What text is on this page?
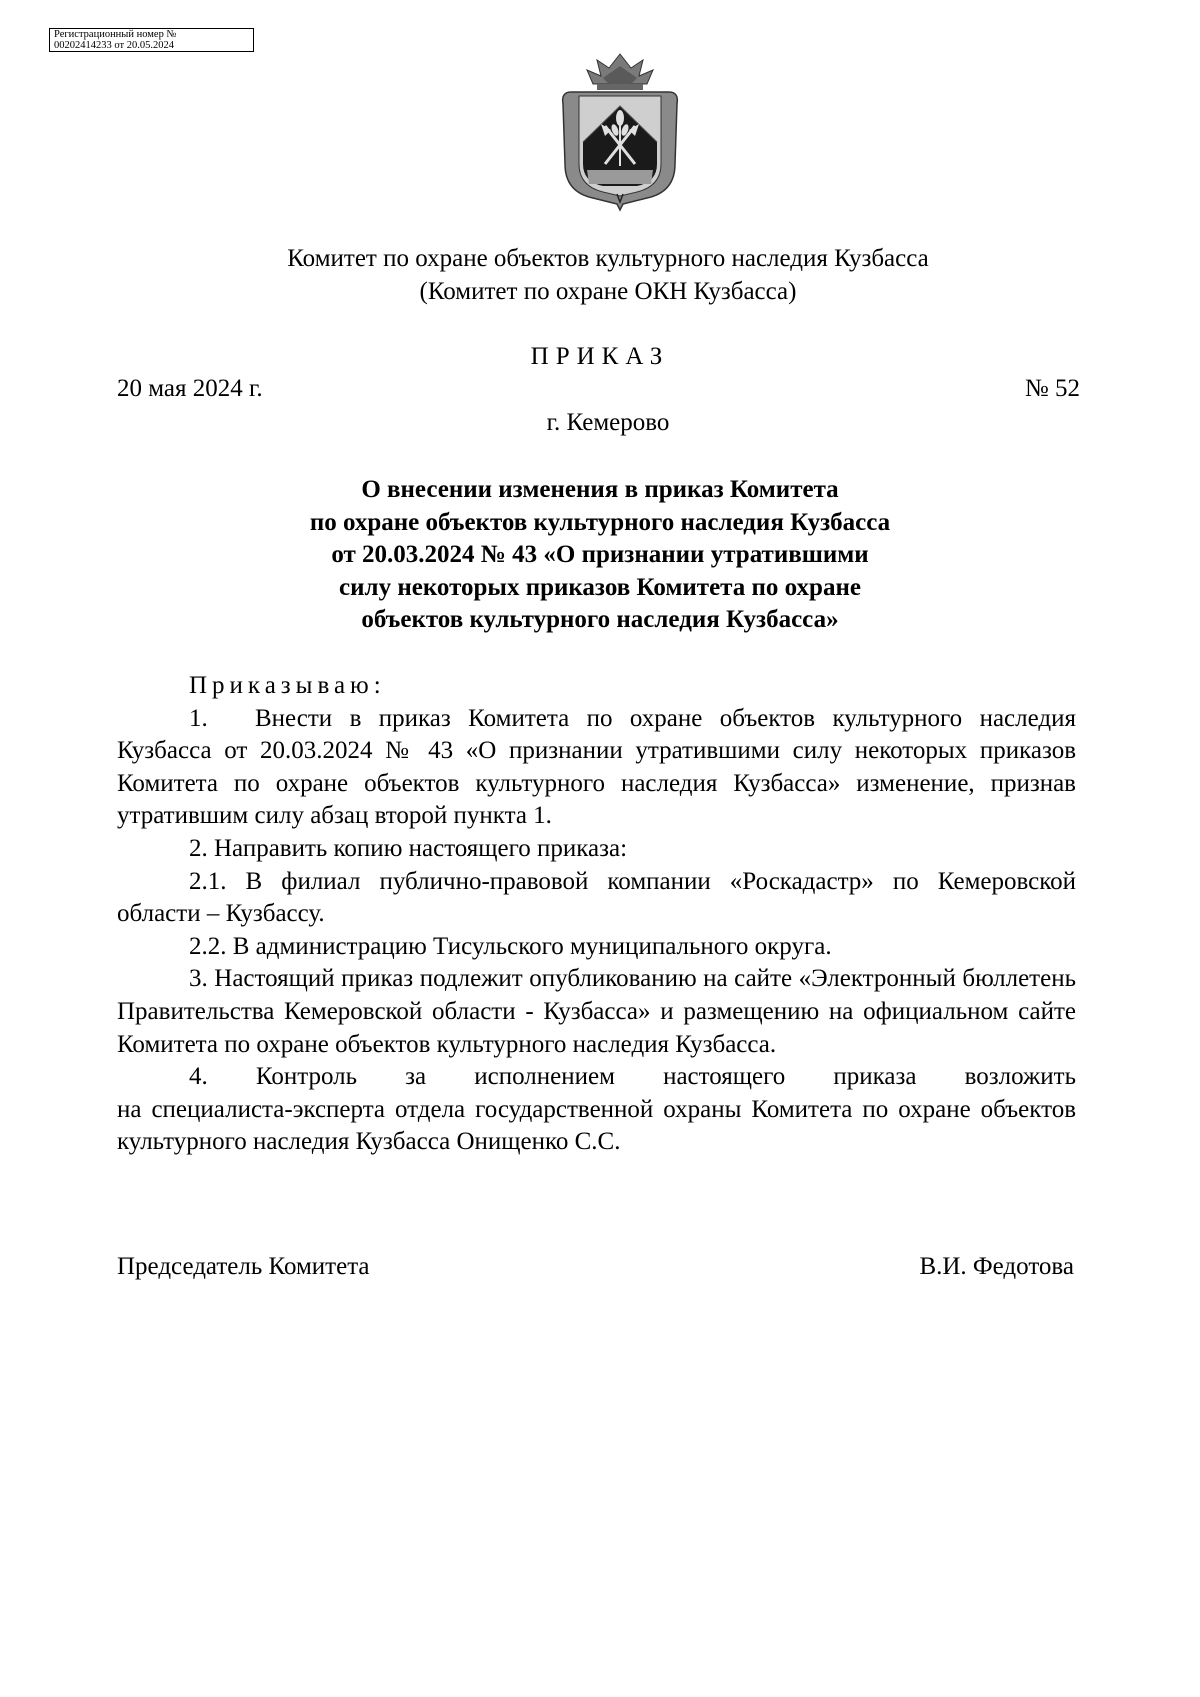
Регистрационный номер №
00202414233 от 20.05.2024
Комитет по охране объектов культурного наследия Кузбасса
(Комитет по охране ОКН Кузбасса)
ПРИКАЗ
20 мая 2024 г.	№ 52
г. Кемерово
О внесении изменения в приказ Комитета
по охране объектов культурного наследия Кузбасса
от 20.03.2024 № 43 «О признании утратившими
силу некоторых приказов Комитета по охране
объектов культурного наследия Кузбасса»

Приказываю:

1. Внести в приказ Комитета по охране объектов культурного наследия Кузбасса от 20.03.2024 № 43 «О признании утратившими силу некоторых приказов Комитета по охране объектов культурного наследия Кузбасса» изменение, признав утратившим силу абзац второй пункта 1.

2. Направить копию настоящего приказа:

2.1. В филиал публично-правовой компании «Роскадастр» по Кемеровской области – Кузбассу.

2.2. В администрацию Тисульского муниципального округа.

3. Настоящий приказ подлежит опубликованию на сайте «Электронный бюллетень Правительства Кемеровской области - Кузбасса» и размещению на официальном сайте Комитета по охране объектов культурного наследия Кузбасса.

4. Контроль за исполнением настоящего приказа возложить

на специалиста-эксперта отдела государственной охраны Комитета по охране объектов культурного наследия Кузбасса Онищенко С.С.

Председатель Комитета	В.И. Федотова
